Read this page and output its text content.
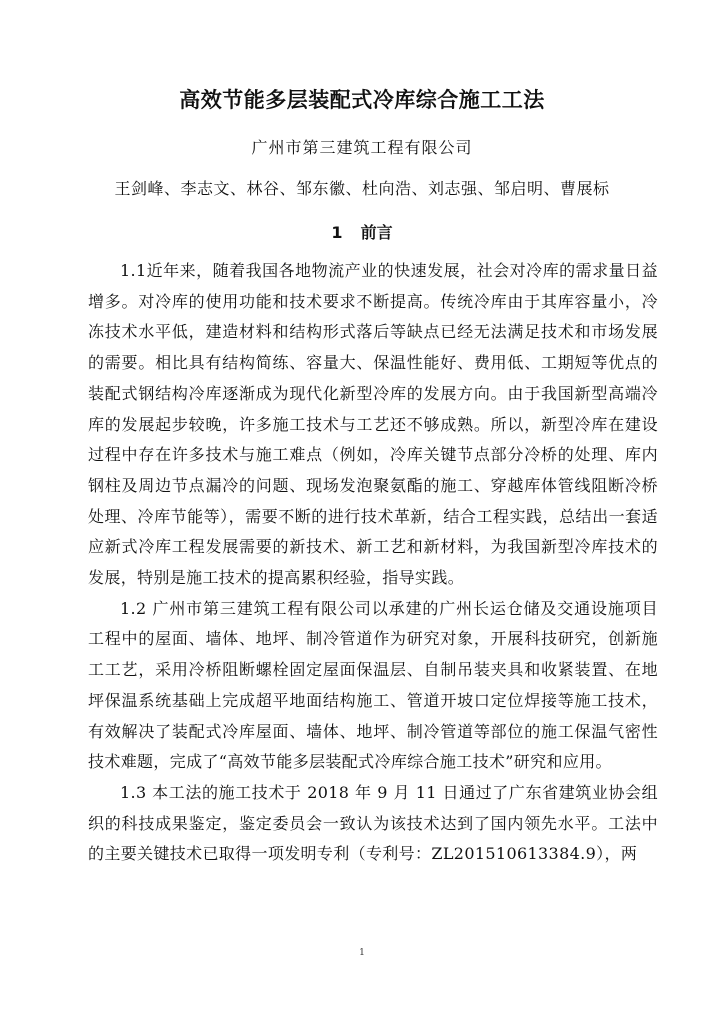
高效节能多层装配式冷库综合施工工法
广州市第三建筑工程有限公司
王剑峰、李志文、林谷、邹东徽、杜向浩、刘志强、邹启明、曹展标
1 前言

1.1近年来，随着我国各地物流产业的快速发展，社会对冷库的需求量日益增多。对冷库的使用功能和技术要求不断提高。传统冷库由于其库容量小，冷冻技术水平低，建造材料和结构形式落后等缺点已经无法满足技术和市场发展的需要。相比具有结构简练、容量大、保温性能好、费用低、工期短等优点的装配式钢结构冷库逐渐成为现代化新型冷库的发展方向。由于我国新型高端冷库的发展起步较晚，许多施工技术与工艺还不够成熟。所以，新型冷库在建设过程中存在许多技术与施工难点（例如，冷库关键节点部分冷桥的处理、库内钢柱及周边节点漏冷的问题、现场发泡聚氨酯的施工、穿越库体管线阻断冷桥处理、冷库节能等），需要不断的进行技术革新，结合工程实践，总结出一套适应新式冷库工程发展需要的新技术、新工艺和新材料，为我国新型冷库技术的发展，特别是施工技术的提高累积经验，指导实践。

1.2 广州市第三建筑工程有限公司以承建的广州长运仓储及交通设施项目工程中的屋面、墙体、地坪、制冷管道作为研究对象，开展科技研究，创新施工工艺，采用冷桥阻断螺栓固定屋面保温层、自制吊装夹具和收紧装置、在地坪保温系统基础上完成超平地面结构施工、管道开坡口定位焊接等施工技术，有效解决了装配式冷库屋面、墙体、地坪、制冷管道等部位的施工保温气密性技术难题，完成了“高效节能多层装配式冷库综合施工技术”研究和应用。

1.3 本工法的施工技术于 2018 年 9 月 11 日通过了广东省建筑业协会组织的科技成果鉴定，鉴定委员会一致认为该技术达到了国内领先水平。工法中的主要关键技术已取得一项发明专利（专利号：ZL201510613384.9），两

1
